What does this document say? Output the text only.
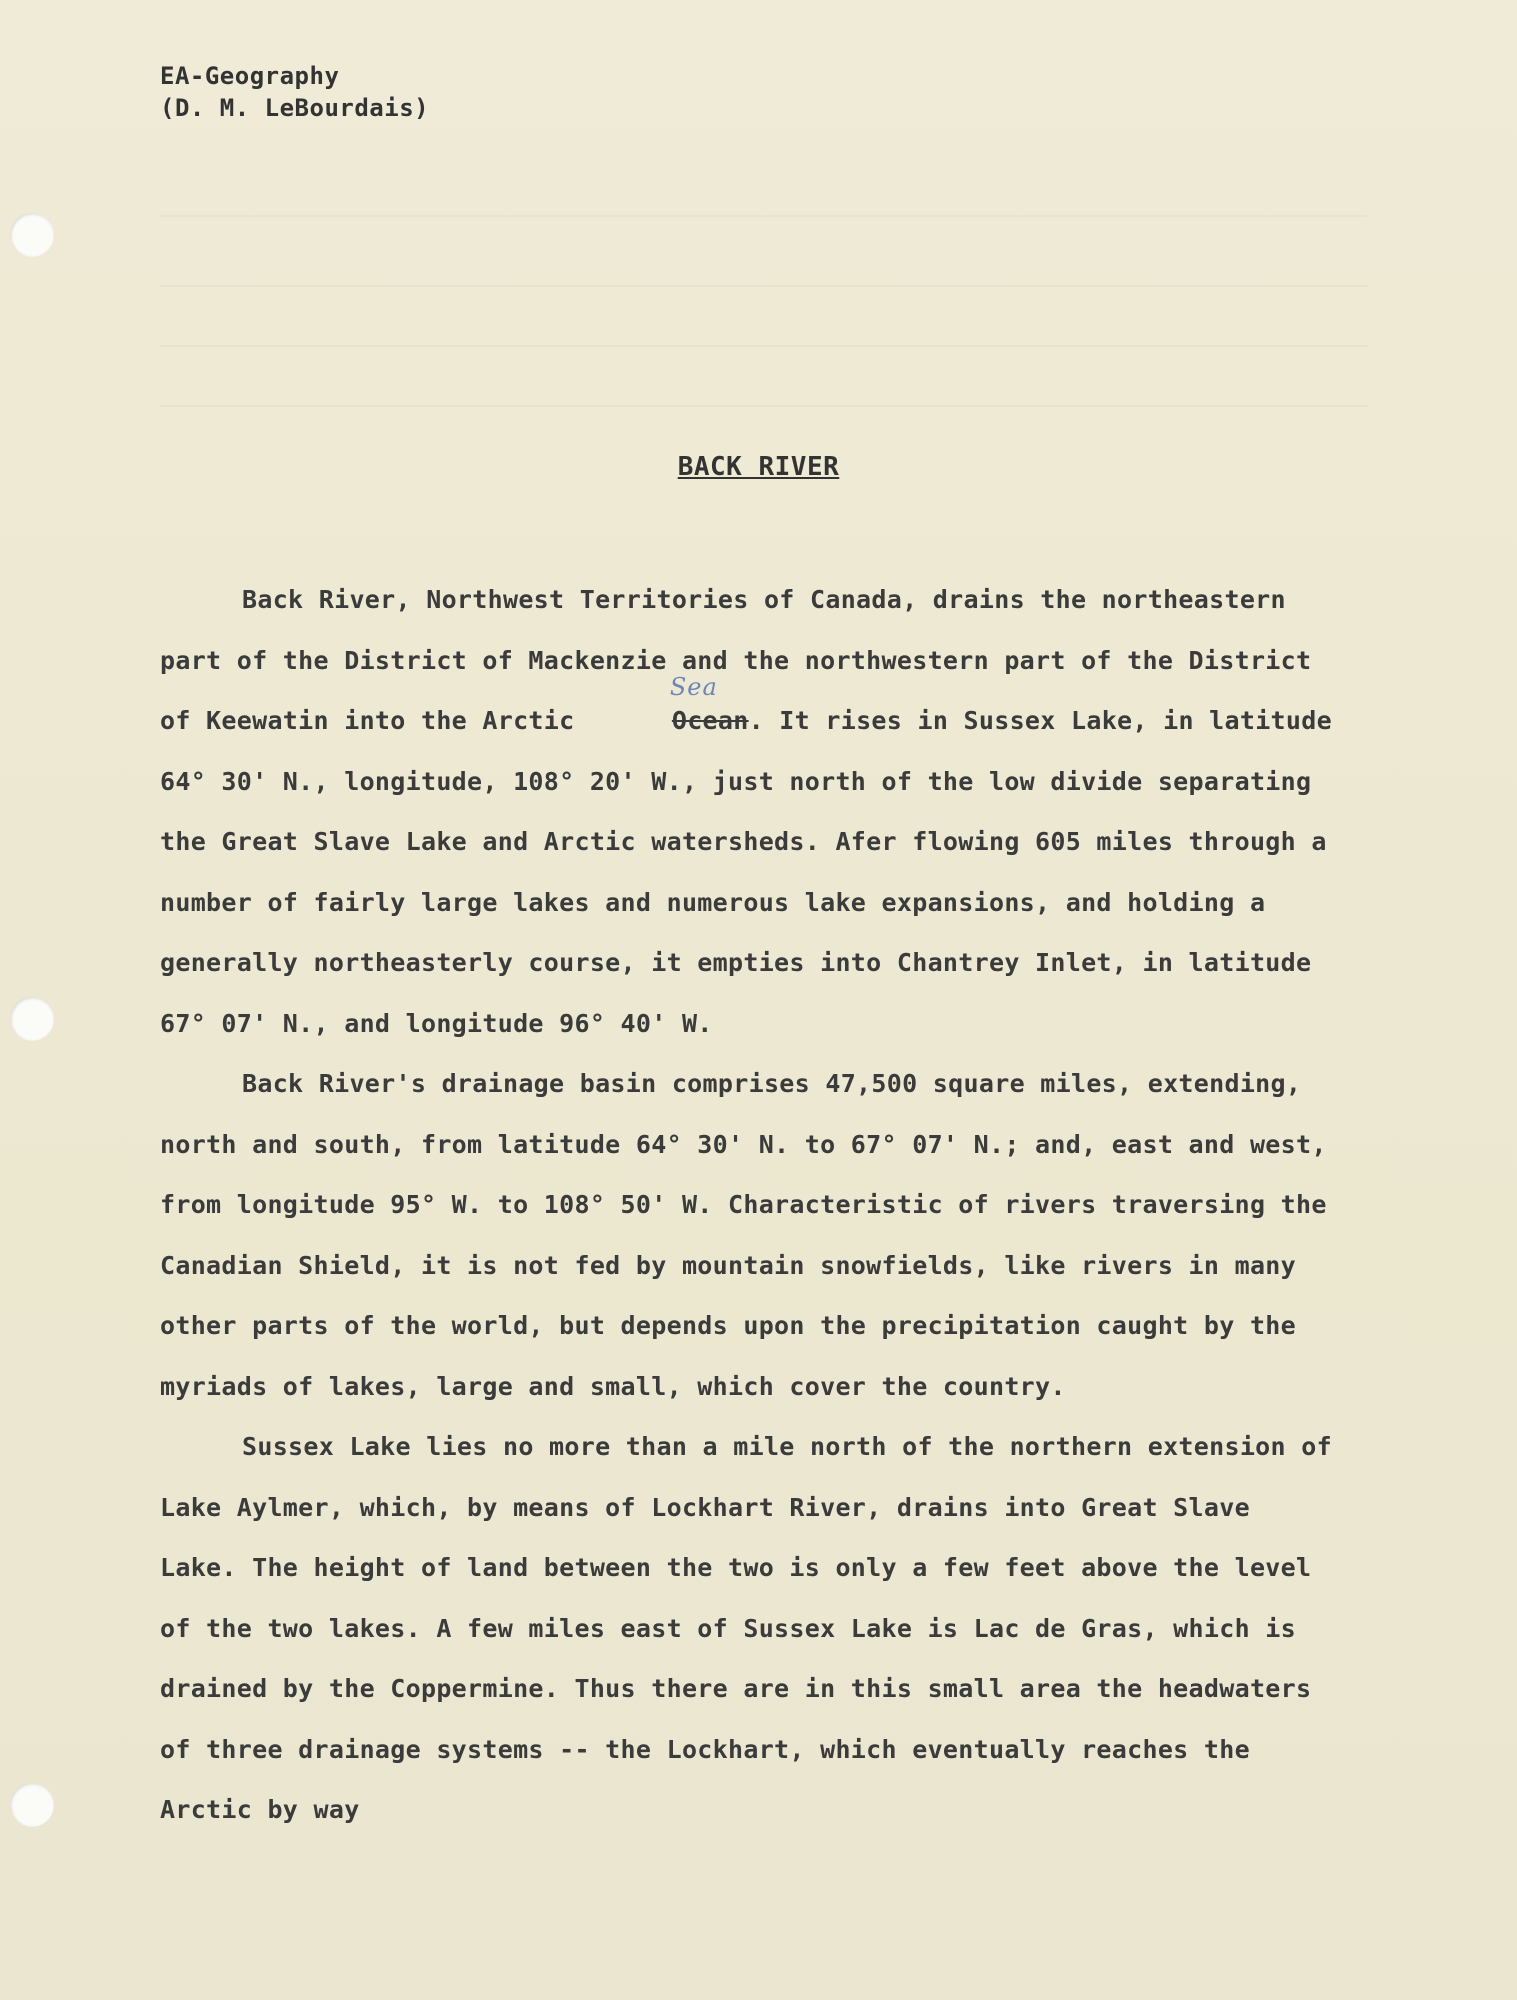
EA-Geography
(D. M. LeBourdais)
BACK RIVER

Back River, Northwest Territories of Canada, drains the northeastern part of the District of Mackenzie and the northwestern part of the District of Keewatin into the Arctic	Ocean
Sea
. It rises in Sussex Lake, in latitude 64° 30' N., longitude, 108° 20' W., just north of the low divide separating the Great Slave Lake and Arctic watersheds. Afer flowing 605 miles through a number of fairly large lakes and numerous lake expansions, and holding a generally northeasterly course, it empties into Chantrey Inlet, in latitude 67° 07' N., and longitude 96° 40' W.

Back River's drainage basin comprises 47,500 square miles, extending, north and south, from latitude 64° 30' N. to 67° 07' N.; and, east and west, from longitude 95° W. to 108° 50' W. Characteristic of rivers traversing the Canadian Shield, it is not fed by mountain snowfields, like rivers in many other parts of the world, but depends upon the precipitation caught by the myriads of lakes, large and small, which cover the country.

Sussex Lake lies no more than a mile north of the northern extension of Lake Aylmer, which, by means of Lockhart River, drains into Great Slave Lake. The height of land between the two is only a few feet above the level of the two lakes. A few miles east of Sussex Lake is Lac de Gras, which is drained by the Coppermine. Thus there are in this small area the headwaters of three drainage systems -- the Lockhart, which eventually reaches the Arctic by way
